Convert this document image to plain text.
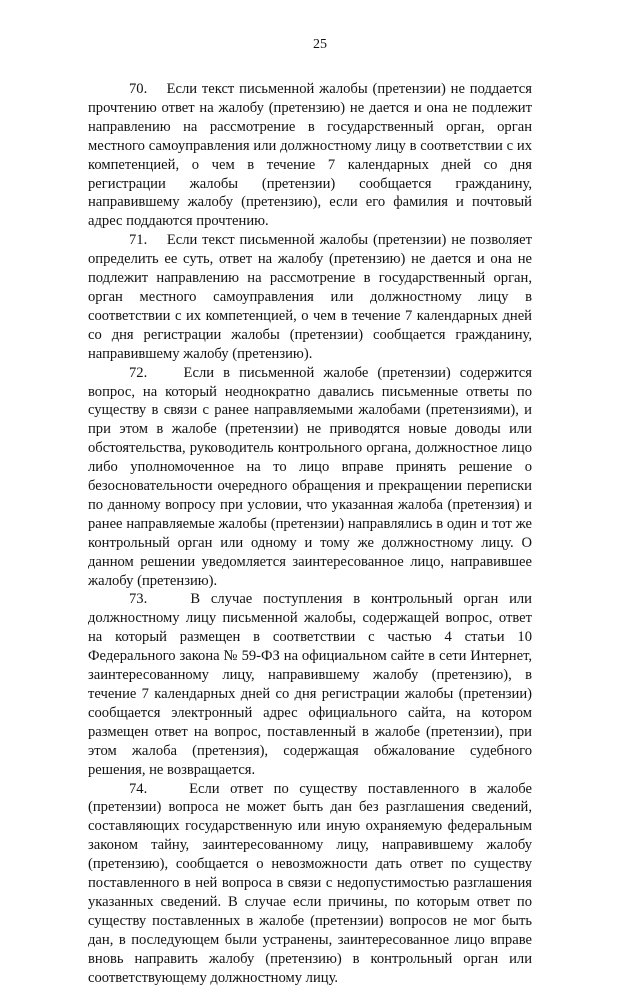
25

70. Если текст письменной жалобы (претензии) не поддается прочтению ответ на жалобу (претензию) не дается и она не подлежит направлению на рассмотрение в государственный орган, орган местного самоуправления или должностному лицу в соответствии с их компетенцией, о чем в течение 7 календарных дней со дня регистрации жалобы (претензии) сообщается гражданину, направившему жалобу (претензию), если его фамилия и почтовый адрес поддаются прочтению.

71. Если текст письменной жалобы (претензии) не позволяет определить ее суть, ответ на жалобу (претензию) не дается и она не подлежит направлению на рассмотрение в государственный орган, орган местного самоуправления или должностному лицу в соответствии с их компетенцией, о чем в течение 7 календарных дней со дня регистрации жалобы (претензии) сообщается гражданину, направившему жалобу (претензию).

72. Если в письменной жалобе (претензии) содержится вопрос, на который неоднократно давались письменные ответы по существу в связи с ранее направляемыми жалобами (претензиями), и при этом в жалобе (претензии) не приводятся новые доводы или обстоятельства, руководитель контрольного органа, должностное лицо либо уполномоченное на то лицо вправе принять решение о безосновательности очередного обращения и прекращении переписки по данному вопросу при условии, что указанная жалоба (претензия) и ранее направляемые жалобы (претензии) направлялись в один и тот же контрольный орган или одному и тому же должностному лицу. О данном решении уведомляется заинтересованное лицо, направившее жалобу (претензию).

73.	В случае поступления в контрольный орган или должностному лицу письменной жалобы, содержащей вопрос, ответ на который размещен в соответствии с частью 4 статьи 10 Федерального закона № 59-ФЗ на официальном сайте в сети Интернет, заинтересованному лицу, направившему жалобу (претензию), в течение 7 календарных дней со дня регистрации жалобы (претензии) сообщается электронный адрес официального сайта, на котором размещен ответ на вопрос, поставленный в жалобе (претензии), при этом жалоба (претензия), содержащая обжалование судебного решения, не возвращается.

74.	Если ответ по существу поставленного в жалобе (претензии) вопроса не может быть дан без разглашения сведений, составляющих государственную или иную охраняемую федеральным законом тайну, заинтересованному лицу, направившему жалобу (претензию), сообщается о невозможности дать ответ по существу поставленного в ней вопроса в связи с недопустимостью разглашения указанных сведений. В случае если причины, по которым ответ по существу поставленных в жалобе (претензии) вопросов не мог быть дан, в последующем были устранены, заинтересованное лицо вправе вновь направить жалобу (претензию) в контрольный орган или соответствующему должностному лицу.
